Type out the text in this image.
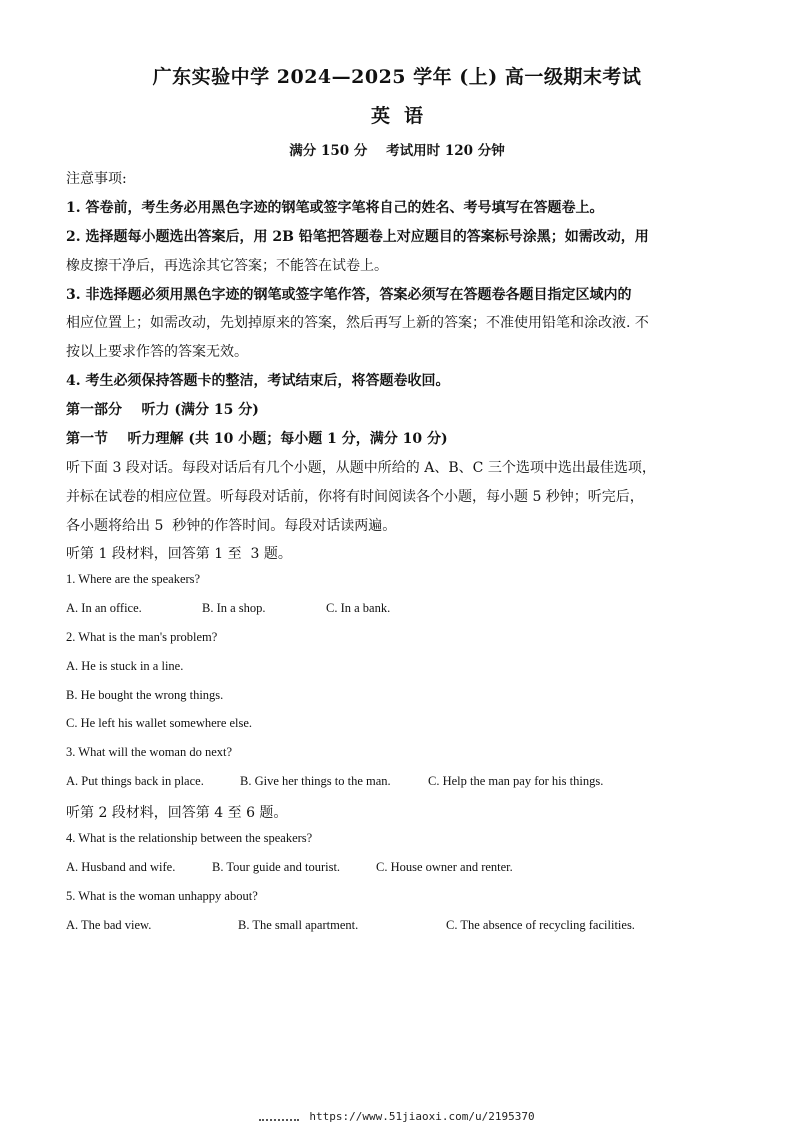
广东实验中学 2024—2025 学年 (上) 高一级期末考试
英语
满分 150 分    考试用时 120 分钟
注意事项:
1. 答卷前，考生务必用黑色字迹的钢笔或签字笔将自己的姓名、考号填写在答题卷上。
2. 选择题每小题选出答案后，用 2B 铅笔把答题卷上对应题目的答案标号涂黑；如需改动，用
橡皮擦干净后，再选涂其它答案；不能答在试卷上。
3. 非选择题必须用黑色字迹的钢笔或签字笔作答，答案必须写在答题卷各题目指定区域内的
相应位置上；如需改动，先划掉原来的答案，然后再写上新的答案；不准使用铅笔和涂改液. 不
按以上要求作答的答案无效。
4. 考生必须保持答题卡的整洁，考试结束后，将答题卷收回。
第一部分    听力 (满分 15 分)
第一节    听力理解 (共 10 小题；每小题 1 分，满分 10 分)
听下面 3 段对话。每段对话后有几个小题，从题中所给的 A、B、C 三个选项中选出最佳选项，
并标在试卷的相应位置。听每段对话前，你将有时间阅读各个小题，每小题 5 秒钟；听完后，
各小题将给出 5  秒钟的作答时间。每段对话读两遍。
听第 1 段材料，回答第 1 至  3 题。
1. Where are the speakers?
A. In an office.	B. In a shop.	C. In a bank.
2. What is the man's problem?
A. He is stuck in a line.
B. He bought the wrong things.
C. He left his wallet somewhere else.
3. What will the woman do next?
A. Put things back in place.	B. Give her things to the man.	C. Help the man pay for his things.
听第 2 段材料，回答第 4 至 6 题。
4. What is the relationship between the speakers?
A. Husband and wife.	B. Tour guide and tourist.	C. House owner and renter.
5. What is the woman unhappy about?
A. The bad view.	B. The small apartment.	C. The absence of recycling facilities.
https://www.51jiaoxi.com/u/2195370
